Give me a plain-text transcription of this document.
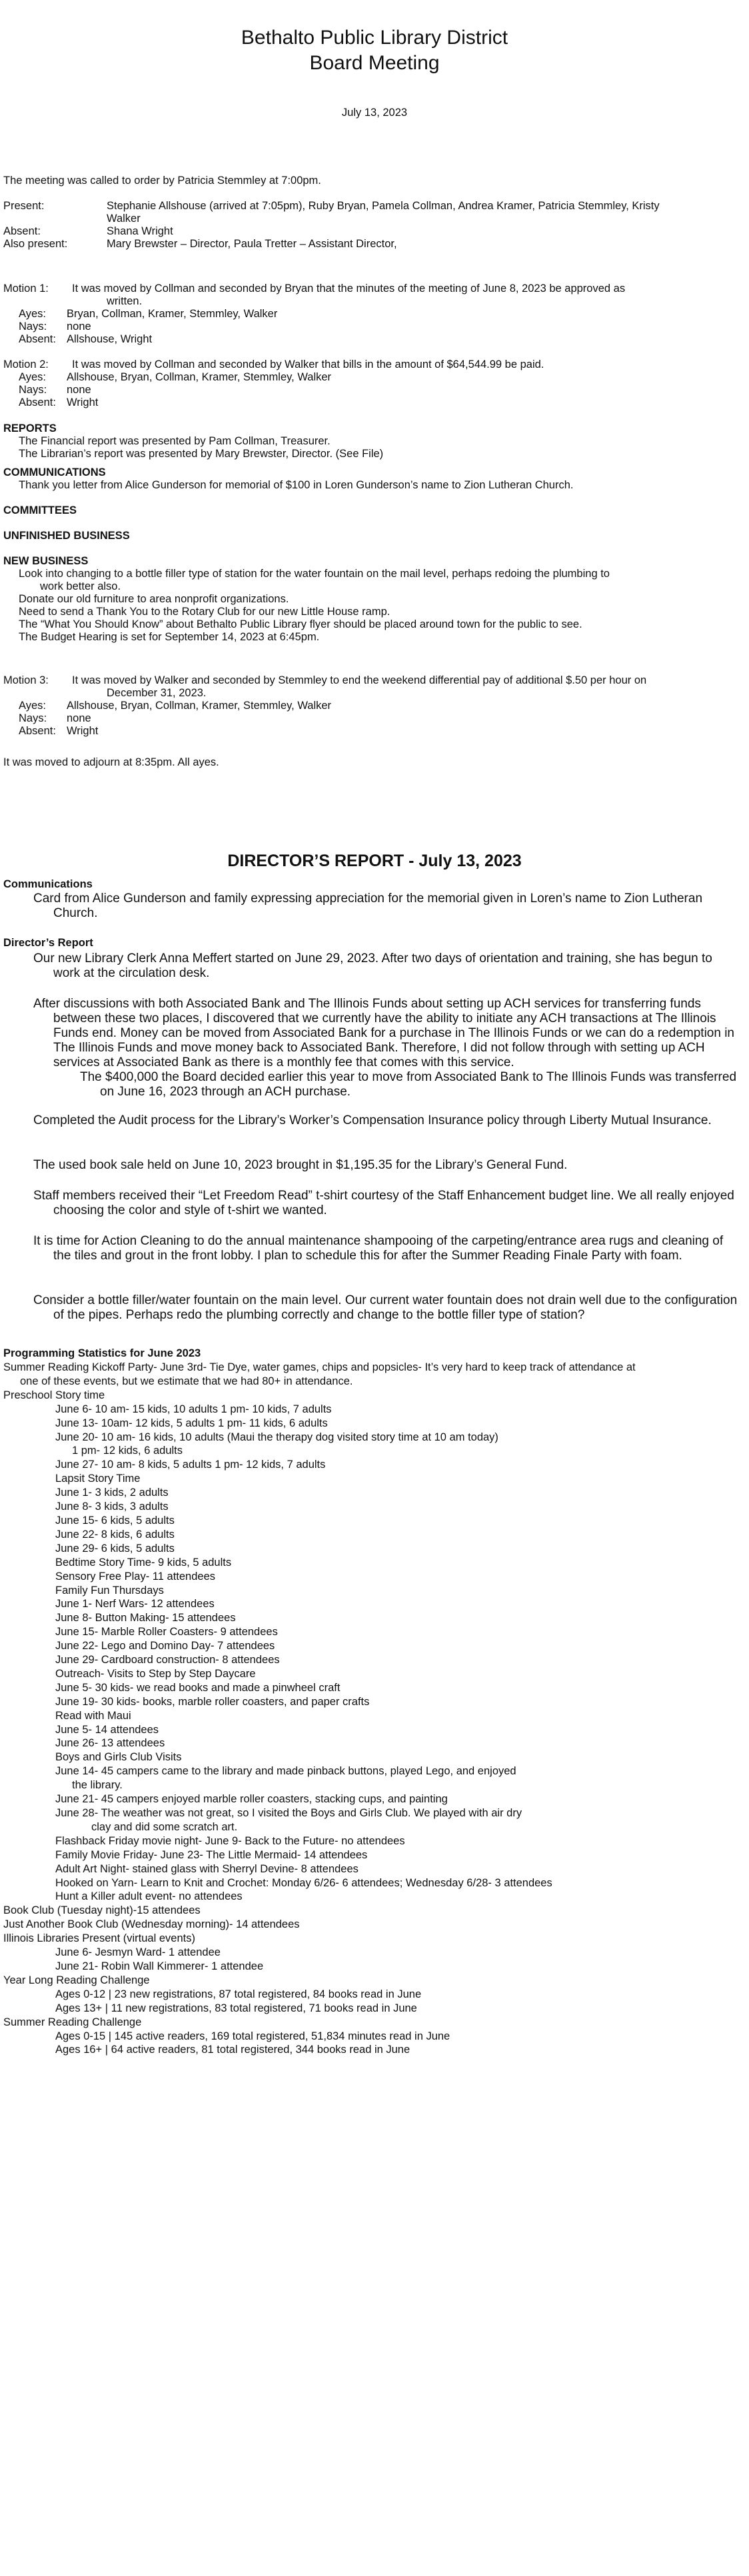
Bethalto Public Library District
Board Meeting
July 13, 2023
The meeting was called to order by Patricia Stemmley at 7:00pm.
Present:	Stephanie Allshouse (arrived at 7:05pm), Ruby Bryan, Pamela Collman, Andrea Kramer, Patricia Stemmley, Kristy
Walker
Absent:	Shana Wright
Also present:	Mary Brewster – Director, Paula Tretter – Assistant Director,
Motion 1: It was moved by Collman and seconded by Bryan that the minutes of the meeting of June 8, 2023 be approved as
written.
Ayes: Bryan, Collman, Kramer, Stemmley, Walker
Nays: none
Absent: Allshouse, Wright
Motion 2: It was moved by Collman and seconded by Walker that bills in the amount of $64,544.99 be paid.
Ayes: Allshouse, Bryan, Collman, Kramer, Stemmley, Walker
Nays: none
Absent: Wright
REPORTS
The Financial report was presented by Pam Collman, Treasurer.
The Librarian’s report was presented by Mary Brewster, Director. (See File)
COMMUNICATIONS
Thank you letter from Alice Gunderson for memorial of $100 in Loren Gunderson’s name to Zion Lutheran Church.
COMMITTEES
UNFINISHED BUSINESS
NEW BUSINESS
Look into changing to a bottle filler type of station for the water fountain on the mail level, perhaps redoing the plumbing to
work better also.
Donate our old furniture to area nonprofit organizations.
Need to send a Thank You to the Rotary Club for our new Little House ramp.
The “What You Should Know” about Bethalto Public Library flyer should be placed around town for the public to see.
The Budget Hearing is set for September 14, 2023 at 6:45pm.
Motion 3: It was moved by Walker and seconded by Stemmley to end the weekend differential pay of additional $.50 per hour on
December 31, 2023.
Ayes: Allshouse, Bryan, Collman, Kramer, Stemmley, Walker
Nays: none
Absent: Wright
It was moved to adjourn at 8:35pm. All ayes.
DIRECTOR’S REPORT - July 13, 2023
Communications
Card from Alice Gunderson and family expressing appreciation for the memorial given in Loren’s name to Zion Lutheran Church.
Director’s Report
Our new Library Clerk Anna Meffert started on June 29, 2023. After two days of orientation and training, she has begun to work at the circulation desk.
After discussions with both Associated Bank and The Illinois Funds about setting up ACH services for transferring funds between these two places, I discovered that we currently have the ability to initiate any ACH transactions at The Illinois Funds end. Money can be moved from Associated Bank for a purchase in The Illinois Funds or we can do a redemption in The Illinois Funds and move money back to Associated Bank. Therefore, I did not follow through with setting up ACH services at Associated Bank as there is a monthly fee that comes with this service.
The $400,000 the Board decided earlier this year to move from Associated Bank to The Illinois Funds was transferred on June 16, 2023 through an ACH purchase.
Completed the Audit process for the Library’s Worker’s Compensation Insurance policy through Liberty Mutual Insurance.
The used book sale held on June 10, 2023 brought in $1,195.35 for the Library’s General Fund.
Staff members received their “Let Freedom Read” t-shirt courtesy of the Staff Enhancement budget line. We all really enjoyed choosing the color and style of t-shirt we wanted.
It is time for Action Cleaning to do the annual maintenance shampooing of the carpeting/entrance area rugs and cleaning of the tiles and grout in the front lobby. I plan to schedule this for after the Summer Reading Finale Party with foam.
Consider a bottle filler/water fountain on the main level. Our current water fountain does not drain well due to the configuration of the pipes. Perhaps redo the plumbing correctly and change to the bottle filler type of station?
Programming Statistics for June 2023
Summer Reading Kickoff Party- June 3rd- Tie Dye, water games, chips and popsicles- It’s very hard to keep track of attendance at
one of these events, but we estimate that we had 80+ in attendance.
Preschool Story time
June 6- 10 am- 15 kids, 10 adults 1 pm- 10 kids, 7 adults
June 13- 10am- 12 kids, 5 adults 1 pm- 11 kids, 6 adults
June 20- 10 am- 16 kids, 10 adults (Maui the therapy dog visited story time at 10 am today)
1 pm- 12 kids, 6 adults
June 27- 10 am- 8 kids, 5 adults 1 pm- 12 kids, 7 adults
Lapsit Story Time
June 1- 3 kids, 2 adults
June 8- 3 kids, 3 adults
June 15- 6 kids, 5 adults
June 22- 8 kids, 6 adults
June 29- 6 kids, 5 adults
Bedtime Story Time- 9 kids, 5 adults
Sensory Free Play- 11 attendees
Family Fun Thursdays
June 1- Nerf Wars- 12 attendees
June 8- Button Making- 15 attendees
June 15- Marble Roller Coasters- 9 attendees
June 22- Lego and Domino Day- 7 attendees
June 29- Cardboard construction- 8 attendees
Outreach- Visits to Step by Step Daycare
June 5- 30 kids- we read books and made a pinwheel craft
June 19- 30 kids- books, marble roller coasters, and paper crafts
Read with Maui
June 5- 14 attendees
June 26- 13 attendees
Boys and Girls Club Visits
June 14- 45 campers came to the library and made pinback buttons, played Lego, and enjoyed
the library.
June 21- 45 campers enjoyed marble roller coasters, stacking cups, and painting
June 28- The weather was not great, so I visited the Boys and Girls Club. We played with air dry
clay and did some scratch art.
Flashback Friday movie night- June 9- Back to the Future- no attendees
Family Movie Friday- June 23- The Little Mermaid- 14 attendees
Adult Art Night- stained glass with Sherryl Devine- 8 attendees
Hooked on Yarn- Learn to Knit and Crochet: Monday 6/26- 6 attendees; Wednesday 6/28- 3 attendees
Hunt a Killer adult event- no attendees
Book Club (Tuesday night)-15 attendees
Just Another Book Club (Wednesday morning)- 14 attendees
Illinois Libraries Present (virtual events)
June 6- Jesmyn Ward- 1 attendee
June 21- Robin Wall Kimmerer- 1 attendee
Year Long Reading Challenge
Ages 0-12 | 23 new registrations, 87 total registered, 84 books read in June
Ages 13+ | 11 new registrations, 83 total registered, 71 books read in June
Summer Reading Challenge
Ages 0-15 | 145 active readers, 169 total registered, 51,834 minutes read in June
Ages 16+ | 64 active readers, 81 total registered, 344 books read in June
